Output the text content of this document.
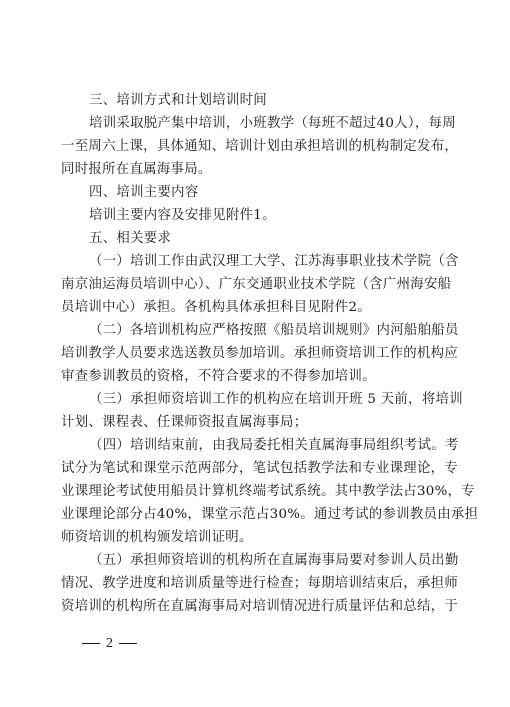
三、培训方式和计划培训时间
培训采取脱产集中培训，小班教学（每班不超过40人），每周
一至周六上课，具体通知、培训计划由承担培训的机构制定发布，
同时报所在直属海事局。
四、培训主要内容
培训主要内容及安排见附件1。
五、相关要求
（一）培训工作由武汉理工大学、江苏海事职业技术学院（含
南京油运海员培训中心）、广东交通职业技术学院（含广州海安船
员培训中心）承担。各机构具体承担科目见附件2。
（二）各培训机构应严格按照《船员培训规则》内河船舶船员
培训教学人员要求选送教员参加培训。承担师资培训工作的机构应
审查参训教员的资格，不符合要求的不得参加培训。
（三）承担师资培训工作的机构应在培训开班 5 天前，将培训
计划、课程表、任课师资报直属海事局；
（四）培训结束前，由我局委托相关直属海事局组织考试。考
试分为笔试和课堂示范两部分，笔试包括教学法和专业课理论，专
业课理论考试使用船员计算机终端考试系统。其中教学法占30%，专
业课理论部分占40%，课堂示范占30%。通过考试的参训教员由承担
师资培训的机构颁发培训证明。
（五）承担师资培训的机构所在直属海事局要对参训人员出勤
情况、教学进度和培训质量等进行检查；每期培训结束后，承担师
资培训的机构所在直属海事局对培训情况进行质量评估和总结，于
2
